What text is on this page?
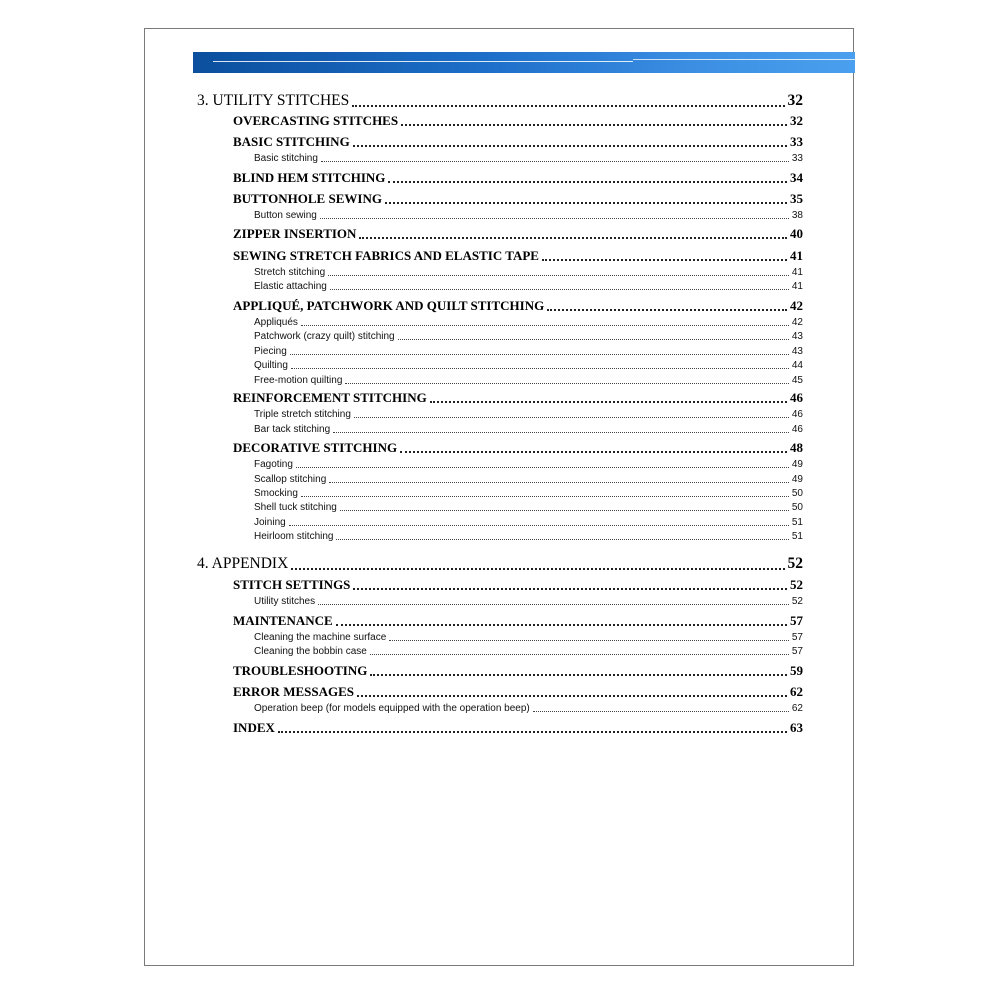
3. UTILITY STITCHES	32
OVERCASTING STITCHES	32
BASIC STITCHING	33
Basic stitching	33
BLIND HEM STITCHING	34
BUTTONHOLE SEWING	35
Button sewing	38
ZIPPER INSERTION	40
SEWING STRETCH FABRICS AND ELASTIC TAPE	41
Stretch stitching	41
Elastic attaching	41
APPLIQUÉ, PATCHWORK AND QUILT STITCHING	42
Appliqués	42
Patchwork (crazy quilt) stitching	43
Piecing	43
Quilting	44
Free-motion quilting	45
REINFORCEMENT STITCHING	46
Triple stretch stitching	46
Bar tack stitching	46
DECORATIVE STITCHING	48
Fagoting	49
Scallop stitching	49
Smocking	50
Shell tuck stitching	50
Joining	51
Heirloom stitching	51
4. APPENDIX	52
STITCH SETTINGS	52
Utility stitches	52
MAINTENANCE	57
Cleaning the machine surface	57
Cleaning the bobbin case	57
TROUBLESHOOTING	59
ERROR MESSAGES	62
Operation beep (for models equipped with the operation beep)	62
INDEX	63
